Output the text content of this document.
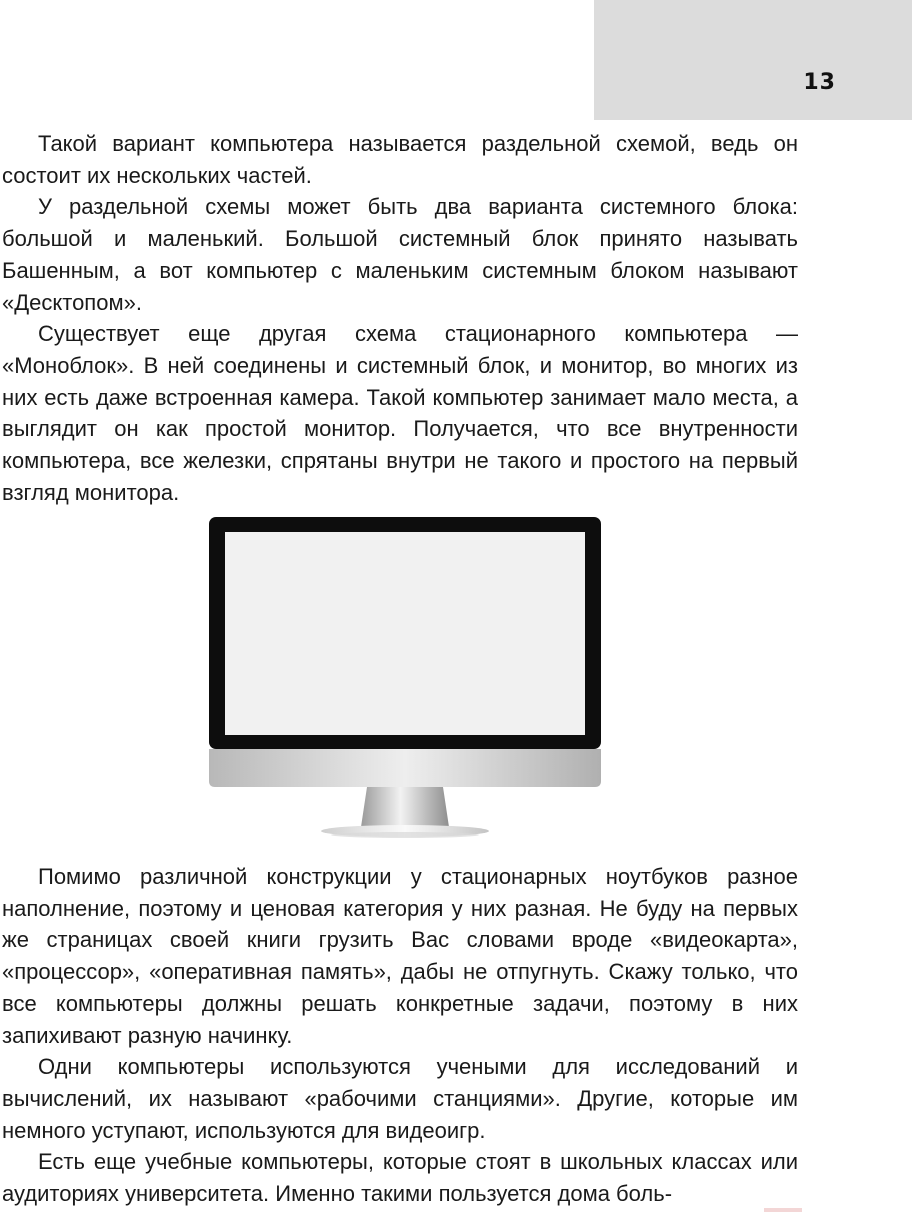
13

Такой вариант компьютера называется раздельной схемой, ведь он состоит их нескольких частей.

У раздельной схемы может быть два варианта системного блока: большой и маленький. Большой системный блок принято называть Башенным, а вот компьютер с маленьким системным блоком называют «Десктопом».

Существует еще другая схема стационарного компьютера — «Моноблок». В ней соединены и системный блок, и монитор, во многих из них есть даже встроенная камера. Такой компьютер занимает мало места, а выглядит он как простой монитор. Получается, что все внутренности компьютера, все железки, спрятаны внутри не такого и простого на первый взгляд монитора.

Помимо различной конструкции у стационарных ноутбуков разное наполнение, поэтому и ценовая категория у них разная. Не буду на первых же страницах своей книги грузить Вас словами вроде «видеокарта», «процессор», «оперативная память», дабы не отпугнуть. Скажу только, что все компьютеры должны решать конкретные задачи, поэтому в них запихивают разную начинку.

Одни компьютеры используются учеными для исследований и вычислений, их называют «рабочими станциями». Другие, которые им немного уступают, используются для видеоигр.

Есть еще учебные компьютеры, которые стоят в школьных классах или аудиториях университета. Именно такими пользуется дома боль-
